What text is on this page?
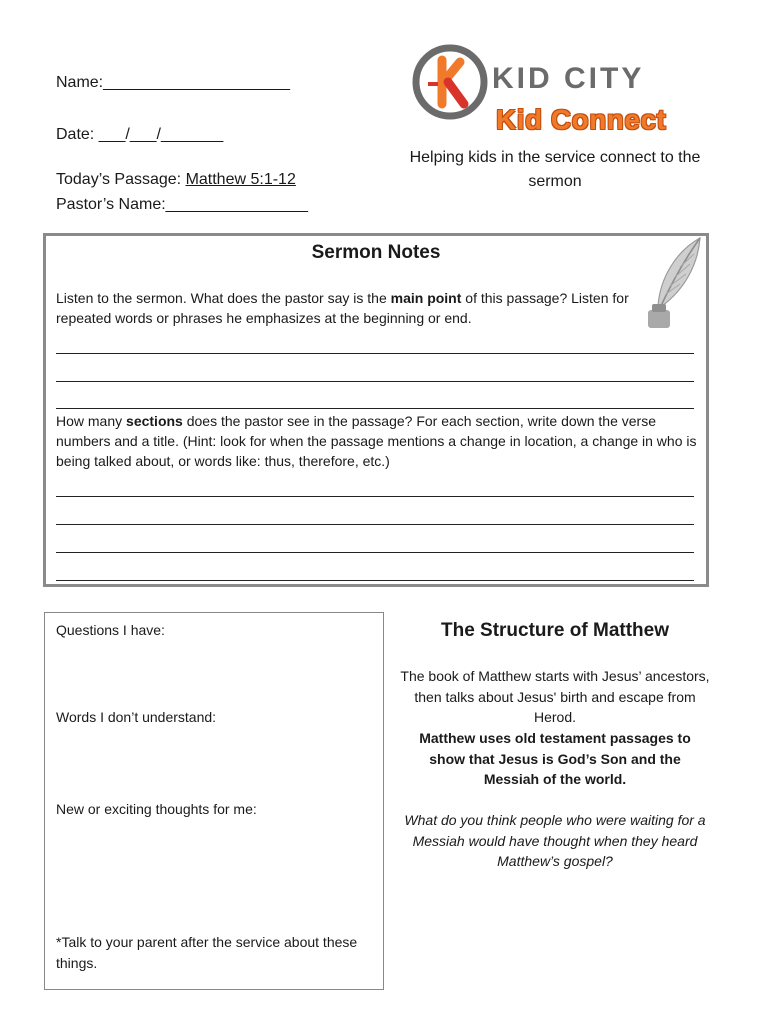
Name:_____________________
Date: ___/___/_______
Today’s Passage: Matthew 5:1-12
Pastor’s Name:________________
KID CITY
Kid Connect
Helping kids in the service connect to the sermon
Sermon Notes
Listen to the sermon. What does the pastor say is the main point of this passage? Listen for repeated words or phrases he emphasizes at the beginning or end.
How many sections does the pastor see in the passage? For each section, write down the verse numbers and a title. (Hint: look for when the passage mentions a change in location, a change in who is being talked about, or words like: thus, therefore, etc.)
Questions I have:
Words I don’t understand:
New or exciting thoughts for me:
*Talk to your parent after the service about these things.
The Structure of Matthew
The book of Matthew starts with Jesus’ ancestors, then talks about Jesus' birth and escape from Herod.
Matthew uses old testament passages to show that Jesus is God’s Son and the Messiah of the world.
What do you think people who were waiting for a Messiah would have thought when they heard Matthew’s gospel?
